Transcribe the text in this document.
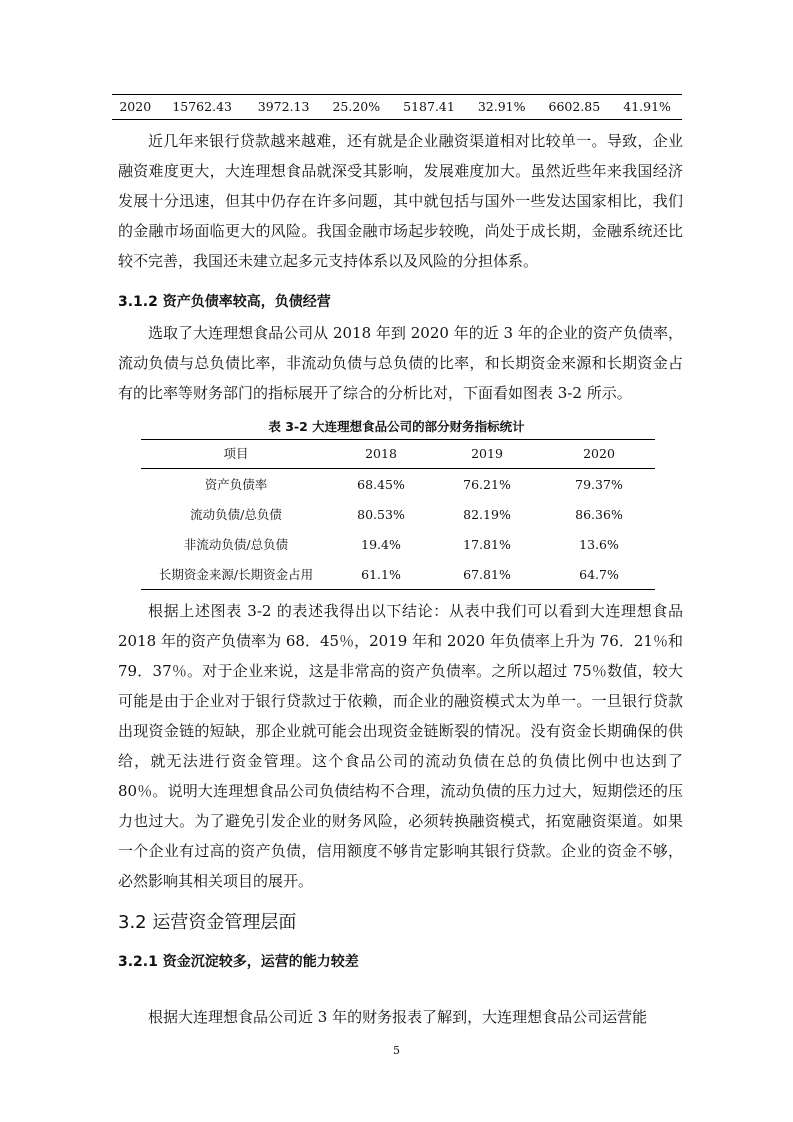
2020	15762.43	3972.13	25.20%	5187.41	32.91%	6602.85	41.91%

近几年来银行贷款越来越难，还有就是企业融资渠道相对比较单一。导致，企业融资难度更大，大连理想食品就深受其影响，发展难度加大。虽然近些年来我国经济发展十分迅速，但其中仍存在许多问题，其中就包括与国外一些发达国家相比，我们的金融市场面临更大的风险。我国金融市场起步较晚，尚处于成长期，金融系统还比较不完善，我国还未建立起多元支持体系以及风险的分担体系。

3.1.2 资产负债率较高，负债经营

选取了大连理想食品公司从 2018 年到 2020 年的近 3 年的企业的资产负债率，流动负债与总负债比率，非流动负债与总负债的比率，和长期资金来源和长期资金占有的比率等财务部门的指标展开了综合的分析比对，下面看如图表 3-2 所示。

表 3-2 大连理想食品公司的部分财务指标统计
项目	2018	2019	2020
资产负债率	68.45%	76.21%	79.37%
流动负债/总负债	80.53%	82.19%	86.36%
非流动负债/总负债	19.4%	17.81%	13.6%
长期资金来源/长期资金占用	61.1%	67.81%	64.7%

根据上述图表 3-2 的表述我得出以下结论：从表中我们可以看到大连理想食品 2018 年的资产负债率为 68．45％，2019 年和 2020 年负债率上升为 76．21％和 79．37％。对于企业来说，这是非常高的资产负债率。之所以超过 75％数值，较大可能是由于企业对于银行贷款过于依赖，而企业的融资模式太为单一。一旦银行贷款出现资金链的短缺，那企业就可能会出现资金链断裂的情况。没有资金长期确保的供给，就无法进行资金管理。这个食品公司的流动负债在总的负债比例中也达到了 80％。说明大连理想食品公司负债结构不合理，流动负债的压力过大，短期偿还的压力也过大。为了避免引发企业的财务风险，必须转换融资模式，拓宽融资渠道。如果一个企业有过高的资产负债，信用额度不够肯定影响其银行贷款。企业的资金不够，必然影响其相关项目的展开。

3.2 运营资金管理层面
3.2.1 资金沉淀较多，运营的能力较差

根据大连理想食品公司近 3 年的财务报表了解到，大连理想食品公司运营能

5
